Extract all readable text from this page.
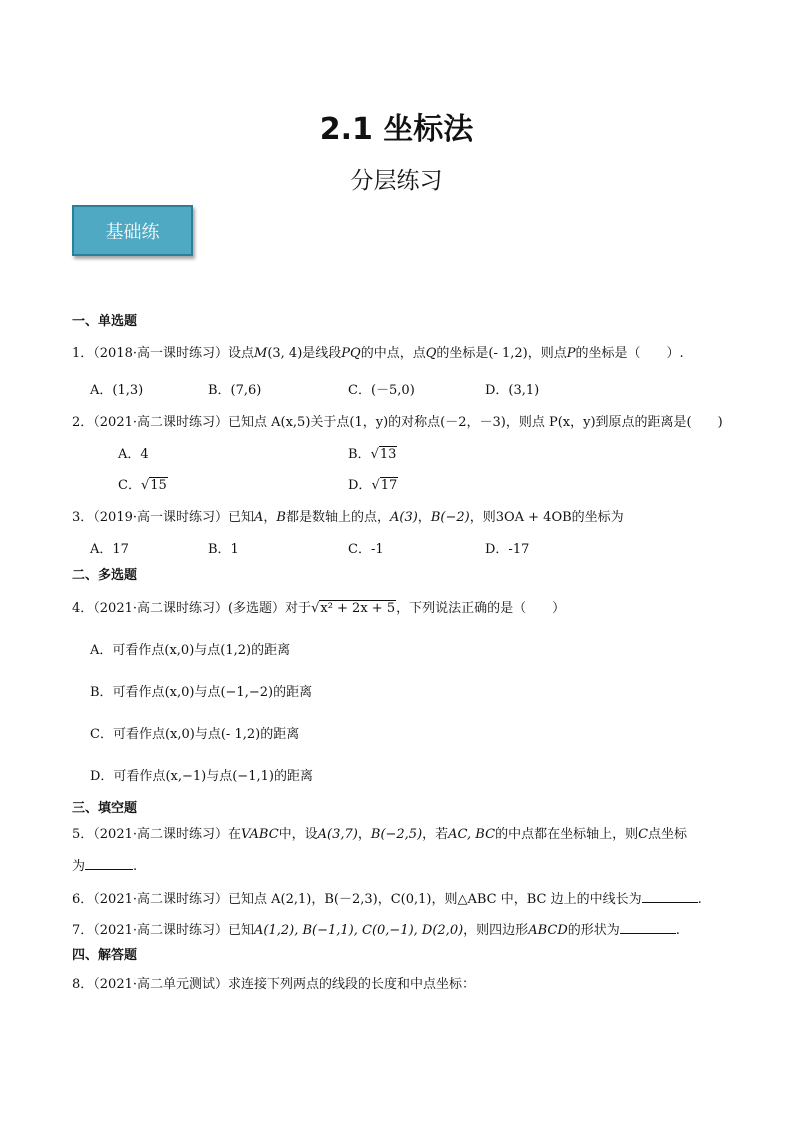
2.1 坐标法
分层练习
基础练
一、单选题
1．（2018·高一课时练习）设点M(3, 4)是线段PQ的中点，点Q的坐标是(- 1,2)，则点P的坐标是（　　）.
A．(1,3)	B．(7,6)	C．(－5,0)	D．(3,1)
2．（2021·高二课时练习）已知点 A(x,5)关于点(1，y)的对称点(－2，－3)，则点 P(x，y)到原点的距离是(　　)
A．4	B．√13
C．√15	D．√17
3．（2019·高一课时练习）已知A，B都是数轴上的点，A(3)，B(−2)，则3OA + 4OB的坐标为
A．17	B．1	C．-1	D．-17
二、多选题
4．（2021·高二课时练习）(多选题）对于√x² + 2x + 5，下列说法正确的是（　　）
A．可看作点(x,0)与点(1,2)的距离
B．可看作点(x,0)与点(−1,−2)的距离
C．可看作点(x,0)与点(- 1,2)的距离
D．可看作点(x,−1)与点(−1,1)的距离
三、填空题
5．（2021·高二课时练习）在VABC中，设A(3,7)，B(−2,5)，若AC, BC的中点都在坐标轴上，则C点坐标
为	.
6．（2021·高二课时练习）已知点 A(2,1)，B(－2,3)，C(0,1)，则△ABC 中，BC 边上的中线长为	.
7．（2021·高二课时练习）已知A(1,2), B(−1,1), C(0,−1), D(2,0)，则四边形ABCD的形状为	.
四、解答题
8．（2021·高二单元测试）求连接下列两点的线段的长度和中点坐标：
